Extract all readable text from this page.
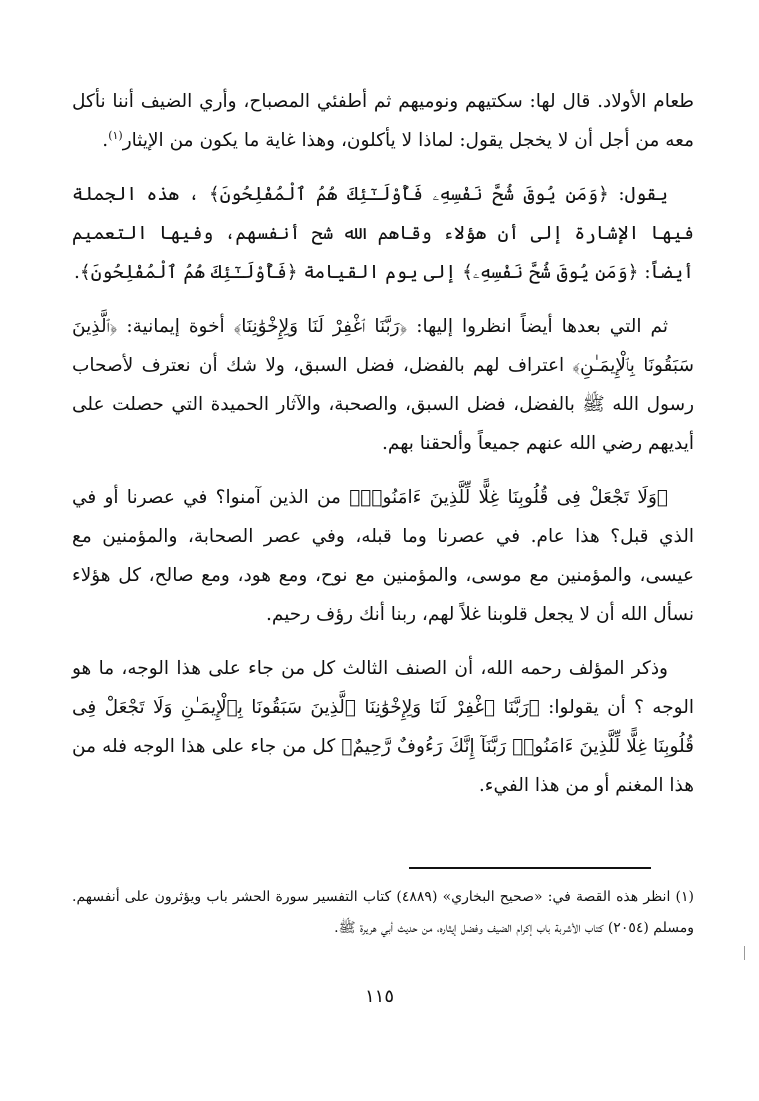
طعام الأولاد. قال لها: سكتيهم ونوميهم ثم أطفئي المصباح، وأري الضيف أننا نأكل معه من أجل أن لا يخجل يقول: لماذا لا يأكلون، وهذا غاية ما يكون من الإيثار$^{(١)}$.

يقول: ﴿وَمَن يُوقَ شُحَّ نَفْسِهِۦ فَأُوْلَـٰٓئِكَ هُمُ ٱلْمُفْلِحُونَ﴾ ، هذه الجملة فيها الإشارة إلى أن هؤلاء وقاهم الله شح أنفسهم، وفيها التعميم أيضاً: ﴿وَمَن يُوقَ شُحَّ نَفْسِهِۦ﴾ إلى يوم القيامة ﴿فَأُوْلَـٰٓئِكَ هُمُ ٱلْمُفْلِحُونَ﴾.

ثم التي بعدها أيضاً انظروا إليها: ﴿رَبَّنَا ٱغْفِرْ لَنَا وَلِإِخْوَٰنِنَا﴾ أخوة إيمانية: ﴿ٱلَّذِينَ سَبَقُونَا بِٱلْإِيمَـٰنِ﴾ اعتراف لهم بالفضل، فضل السبق، ولا شك أن نعترف لأصحاب رسول الله ﷺ بالفضل، فضل السبق، والصحبة، والآثار الحميدة التي حصلت على أيديهم رضي الله عنهم جميعاً وألحقنا بهم.

﴿وَلَا تَجْعَلْ فِى قُلُوبِنَا غِلًّا لِّلَّذِينَ ءَامَنُوا۟﴾ من الذين آمنوا؟ في عصرنا أو في الذي قبل؟ هذا عام. في عصرنا وما قبله، وفي عصر الصحابة، والمؤمنين مع عيسى، والمؤمنين مع موسى، والمؤمنين مع نوح، ومع هود، ومع صالح، كل هؤلاء نسأل الله أن لا يجعل قلوبنا غلاً لهم، ربنا أنك رؤف رحيم.

وذكر المؤلف رحمه الله، أن الصنف الثالث كل من جاء على هذا الوجه، ما هو الوجه ؟ أن يقولوا: ﴿رَبَّنَا ٱغْفِرْ لَنَا وَلِإِخْوَٰنِنَا ٱلَّذِينَ سَبَقُونَا بِٱلْإِيمَـٰنِ وَلَا تَجْعَلْ فِى قُلُوبِنَا غِلًّا لِّلَّذِينَ ءَامَنُوا۟ رَبَّنَآ إِنَّكَ رَءُوفٌ رَّحِيمٌ﴾ كل من جاء على هذا الوجه فله من هذا المغنم أو من هذا الفيء.

(١) انظر هذه القصة في: «صحيح البخاري» (٤٨٨٩) كتاب التفسير سورة الحشر باب ويؤثرون على أنفسهم. ومسلم (٢٠٥٤) كتاب الأشربة باب إكرام الضيف وفضل إيثاره، من حديث أبي هريرة ﷺ.

١١٥
